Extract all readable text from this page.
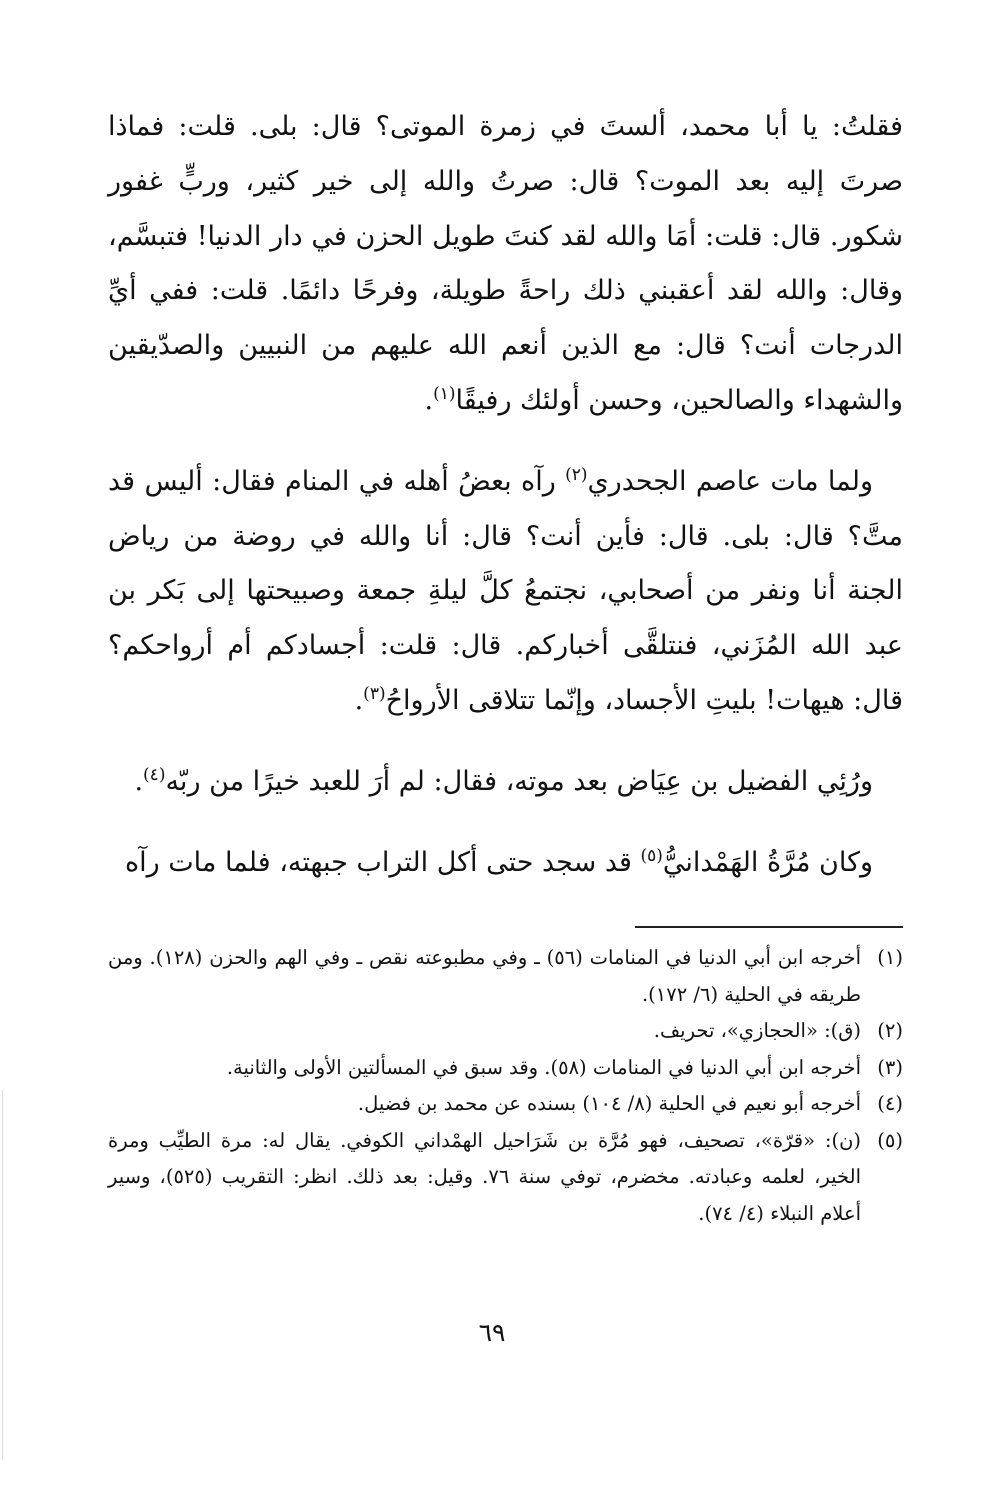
فقلتُ: يا أبا محمد، ألستَ في زمرة الموتى؟ قال: بلى. قلت: فماذا صرتَ إليه بعد الموت؟ قال: صرتُ والله إلى خير كثير، وربٍّ غفور شكور. قال: قلت: أمَا والله لقد كنتَ طويل الحزن في دار الدنيا! فتبسَّم، وقال: والله لقد أعقبني ذلك راحةً طويلة، وفرحًا دائمًا. قلت: ففي أيِّ الدرجات أنت؟ قال: مع الذين أنعم الله عليهم من النبيين والصدّيقين والشهداء والصالحين، وحسن أولئك رفيقًا$^{(١)}$.

ولما مات عاصم الجحدري$^{(٢)}$ رآه بعضُ أهله في المنام فقال: أليس قد متَّ؟ قال: بلى. قال: فأين أنت؟ قال: أنا والله في روضة من رياض الجنة أنا ونفر من أصحابي، نجتمعُ كلَّ ليلةِ جمعة وصبيحتها إلى بَكر بن عبد الله المُزَني، فنتلقَّى أخباركم. قال: قلت: أجسادكم أم أرواحكم؟ قال: هيهات! بليتِ الأجساد، وإنّما تتلاقى الأرواحُ$^{(٣)}$.

ورُئِي الفضيل بن عِيَاض بعد موته، فقال: لم أرَ للعبد خيرًا من ربّه$^{(٤)}$.

وكان مُرَّةُ الهَمْدانيُّ$^{(٥)}$ قد سجد حتى أكل التراب جبهته، فلما مات رآه

(١)
أخرجه ابن أبي الدنيا في المنامات (٥٦) ـ وفي مطبوعته نقص ـ وفي الهم والحزن (١٢٨). ومن طريقه في الحلية (٦/ ١٧٢).
(٢)
(ق): «الحجازي»، تحريف.
(٣)
أخرجه ابن أبي الدنيا في المنامات (٥٨). وقد سبق في المسألتين الأولى والثانية.
(٤)
أخرجه أبو نعيم في الحلية (٨/ ١٠٤) بسنده عن محمد بن فضيل.
(٥)
(ن): «قرّة»، تصحيف، فهو مُرَّة بن شَرَاحيل الهمْداني الكوفي. يقال له: مرة الطيِّب ومرة الخير، لعلمه وعبادته. مخضرم، توفي سنة ٧٦. وقيل: بعد ذلك. انظر: التقريب (٥٢٥)، وسير أعلام النبلاء (٤/ ٧٤).
٦٩
